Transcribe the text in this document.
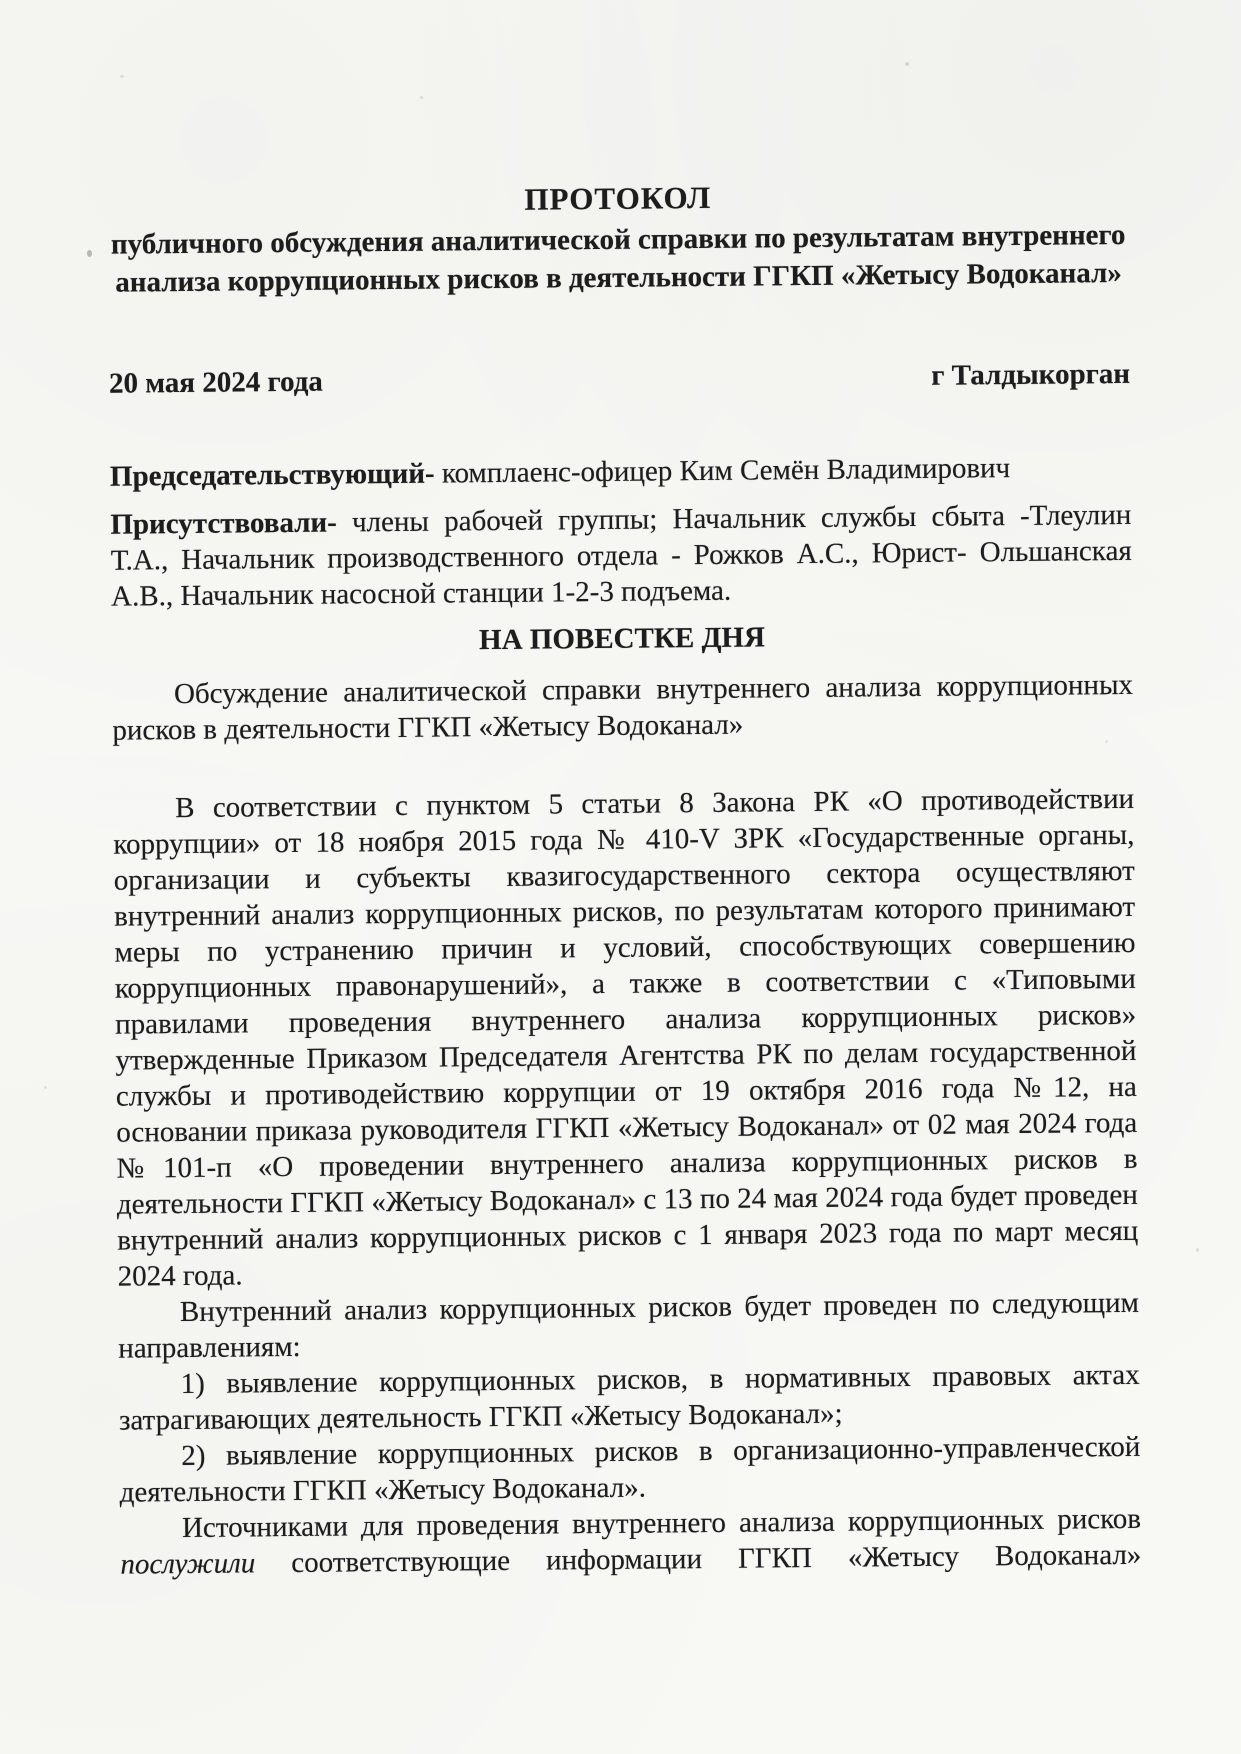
ПРОТОКОЛ
публичного обсуждения аналитической справки по результатам внутреннего анализа коррупционных рисков в деятельности ГГКП «Жетысу Водоканал»
20 мая 2024 года	г Талдыкорган

Председательствующий- комплаенс-офицер Ким Семён Владимирович

Присутствовали- члены рабочей группы; Начальник службы сбыта -Тлеулин Т.А., Начальник производственного отдела - Рожков А.С., Юрист- Ольшанская А.В., Начальник насосной станции 1-2-3 подъема.

НА ПОВЕСТКЕ ДНЯ

Обсуждение аналитической справки внутреннего анализа коррупционных рисков в деятельности ГГКП «Жетысу Водоканал»

В соответствии с пунктом 5 статьи 8 Закона РК «О противодействии коррупции» от 18 ноября 2015 года № 410-V ЗРК «Государственные органы, организации и субъекты квазигосударственного сектора осуществляют внутренний анализ коррупционных рисков, по результатам которого принимают меры по устранению причин и условий, способствующих совершению коррупционных правонарушений», а также в соответствии с «Типовыми правилами проведения внутреннего анализа коррупционных рисков» утвержденные Приказом Председателя Агентства РК по делам государственной службы и противодействию коррупции от 19 октября 2016 года №12, на основании приказа руководителя ГГКП «Жетысу Водоканал» от 02 мая 2024 года №101-п «О проведении внутреннего анализа коррупционных рисков в деятельности ГГКП «Жетысу Водоканал» с 13 по 24 мая 2024 года будет проведен внутренний анализ коррупционных рисков с 1 января 2023 года по март месяц 2024 года.

Внутренний анализ коррупционных рисков будет проведен по следующим направлениям:

1) выявление коррупционных рисков, в нормативных правовых актах затрагивающих деятельность ГГКП «Жетысу Водоканал»;

2) выявление коррупционных рисков в организационно-управленческой деятельности ГГКП «Жетысу Водоканал».

Источниками для проведения внутреннего анализа коррупционных рисков послужили соответствующие информации ГГКП «Жетысу Водоканал»
